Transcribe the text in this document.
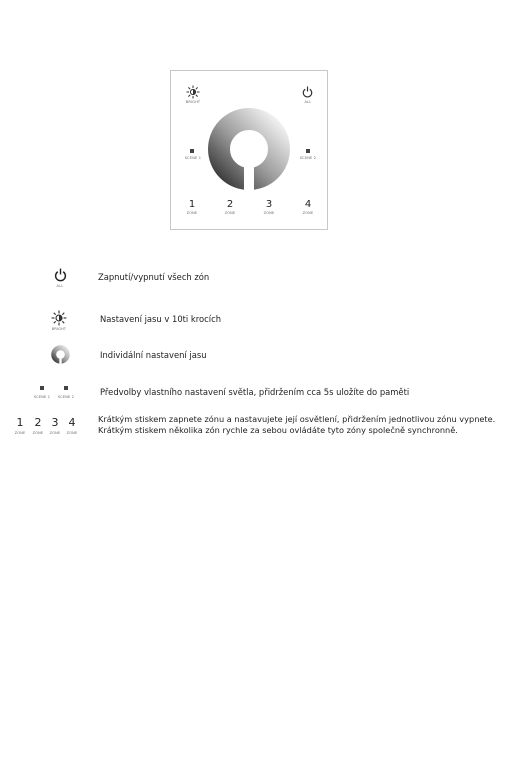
BRIGHT	ALL
SCENE 1	SCENE 2
1
ZONE
2
ZONE
3
ZONE
4
ZONE
ALL
Zapnutí/vypnutí všech zón
BRIGHT
Nastavení jasu v 10ti krocích
Individální nastavení jasu
SCENE 1	SCENE 2	Předvolby vlastního nastavení světla, přidržením cca 5s uložíte do paměti
1
ZONE
2
ZONE
3
ZONE
4
ZONE
Krátkým stiskem zapnete zónu a nastavujete její osvětlení, přidržením jednotlivou zónu vypnete.
Krátkým stiskem několika zón rychle za sebou ovládáte tyto zóny společně synchronně.
